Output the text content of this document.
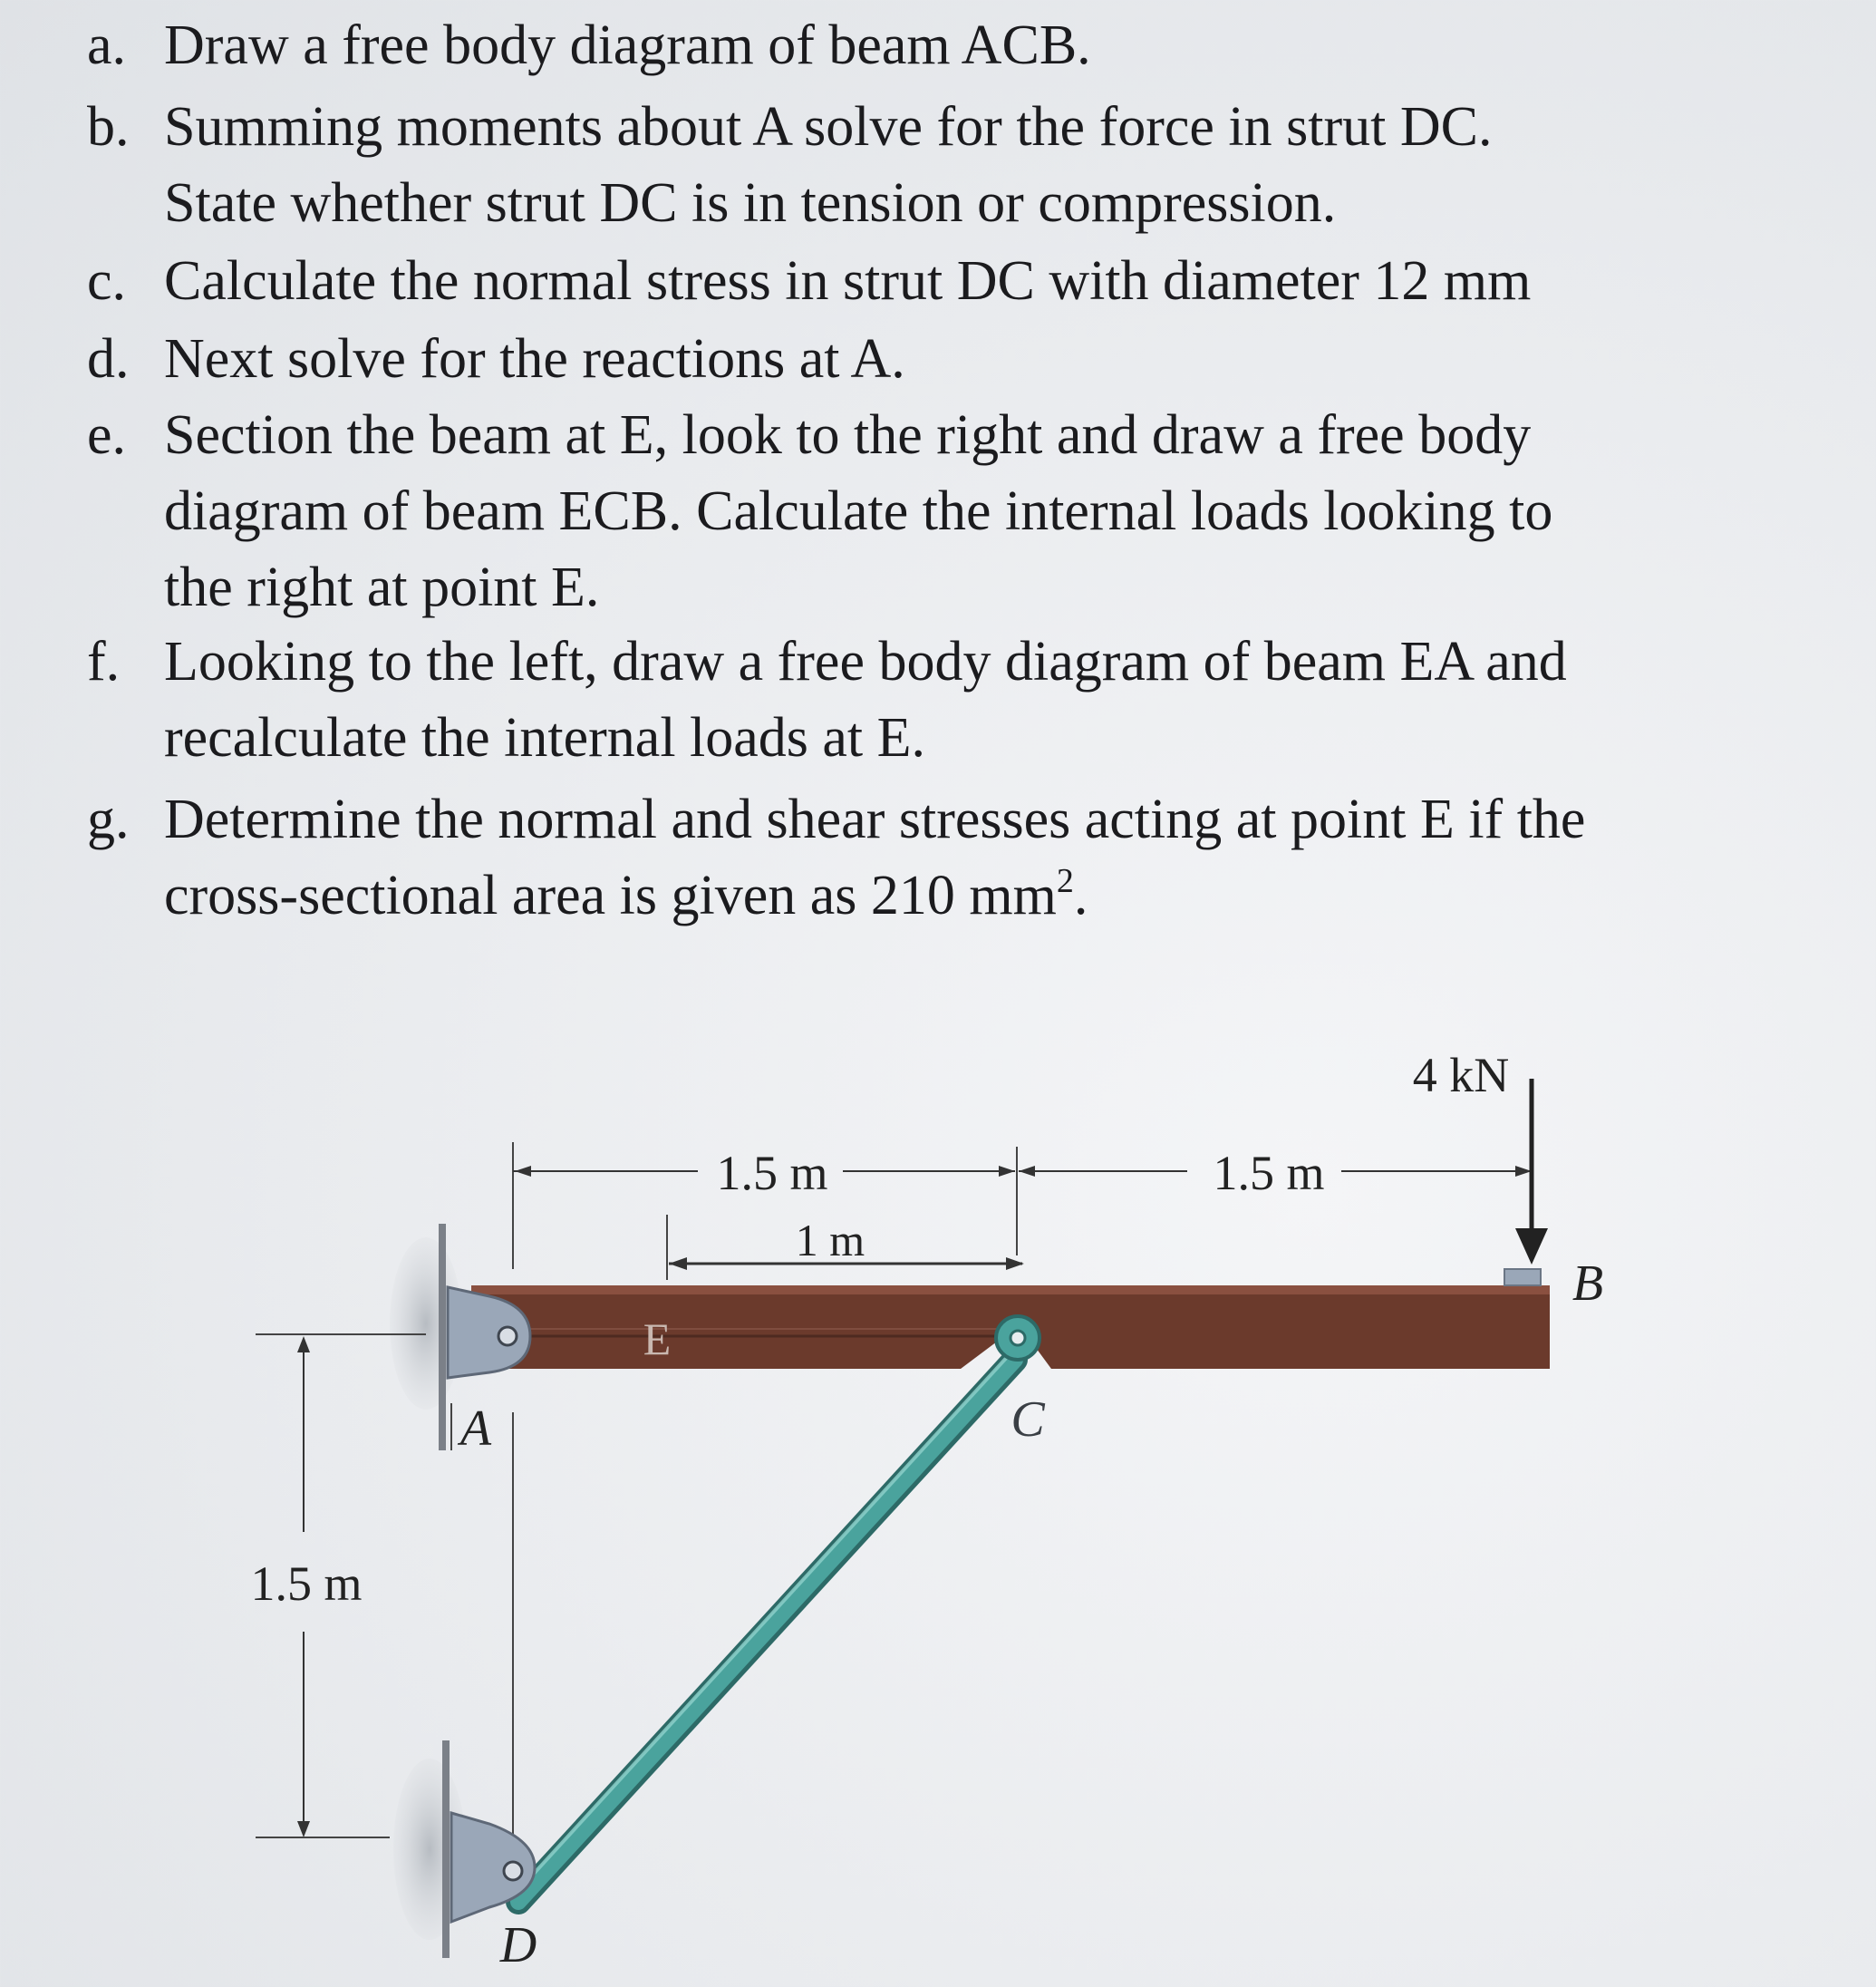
a. Draw a free body diagram of beam ACB.
b. Summing moments about A solve for the force in strut DC.
State whether strut DC is in tension or compression.
c. Calculate the normal stress in strut DC with diameter 12 mm
d. Next solve for the reactions at A.
e. Section the beam at E, look to the right and draw a free body
diagram of beam ECB. Calculate the internal loads looking to
the right at point E.
f. Looking to the left, draw a free body diagram of beam EA and
recalculate the internal loads at E.
g. Determine the normal and shear stresses acting at point E if the
cross-sectional area is given as 210 $mm^2$.
1.5 m
1.5 m	1.5 m
1 m
4 kN
A
B
C
D
E
